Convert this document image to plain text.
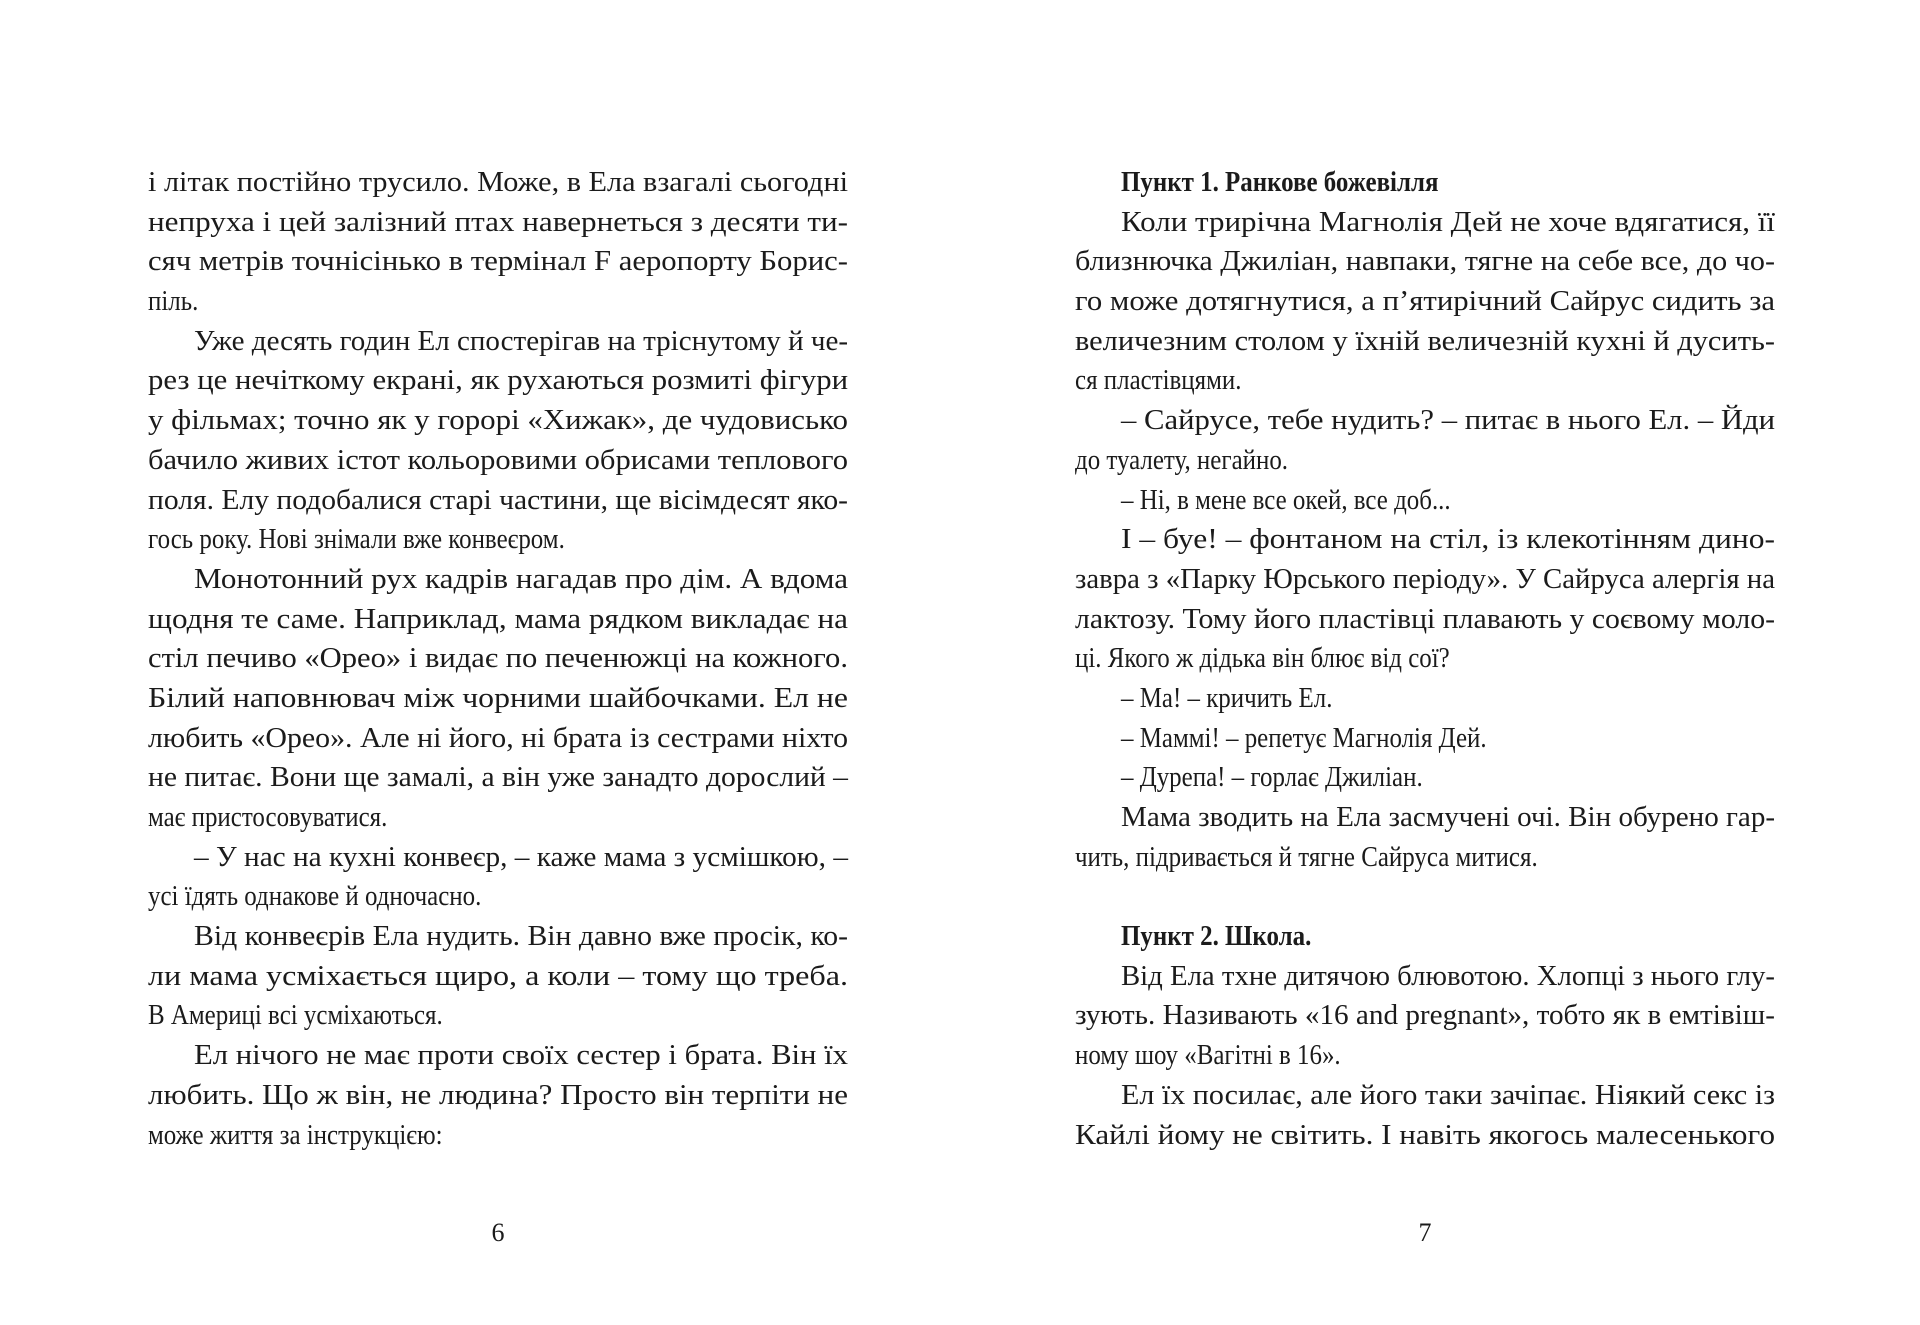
і літак постійно трусило. Може, в Ела взагалі сьогодні
непруха і цей залізний птах навернеться з десяти ти-
сяч метрів точнісінько в термінал F аеропорту Борис-
піль.
Уже десять годин Ел спостерігав на тріснутому й че-
рез це нечіткому екрані, як рухаються розмиті фігури
у фільмах; точно як у горорі «Хижак», де чудовисько
бачило живих істот кольоровими обрисами теплового
поля. Елу подобалися старі частини, ще вісімдесят яко-
гось року. Нові знімали вже конвеєром.
Монотонний рух кадрів нагадав про дім. А вдома
щодня те саме. Наприклад, мама рядком викладає на
стіл печиво «Орео» і видає по печенюжці на кожного.
Білий наповнювач між чорними шайбочками. Ел не
любить «Орео». Але ні його, ні брата із сестрами ніхто
не питає. Вони ще замалі, а він уже занадто дорослий –
має пристосовуватися.
– У нас на кухні конвеєр, – каже мама з усмішкою, –
усі їдять однакове й одночасно.
Від конвеєрів Ела нудить. Він давно вже просік, ко-
ли мама усміхається щиро, а коли – тому що треба.
В Америці всі усміхаються.
Ел нічого не має проти своїх сестер і брата. Він їх
любить. Що ж він, не людина? Просто він терпіти не
може життя за інструкцією:
6
Пункт 1. Ранкове божевілля
Коли трирічна Магнолія Дей не хоче вдягатися, її
близнючка Джиліан, навпаки, тягне на себе все, до чо-
го може дотягнутися, а п’ятирічний Сайрус сидить за
величезним столом у їхній величезній кухні й дусить-
ся пластівцями.
– Сайрусе, тебе нудить? – питає в нього Ел. – Йди
до туалету, негайно.
– Ні, в мене все окей, все доб...
І – буе! – фонтаном на стіл, із клекотінням дино-
завра з «Парку Юрського періоду». У Сайруса алергія на
лактозу. Тому його пластівці плавають у соєвому моло-
ці. Якого ж дідька він блює від сої?
– Ма! – кричить Ел.
– Маммі! – репетує Магнолія Дей.
– Дурепа! – горлає Джиліан.
Мама зводить на Ела засмучені очі. Він обурено гар-
чить, підривається й тягне Сайруса митися.
Пункт 2. Школа.
Від Ела тхне дитячою блювотою. Хлопці з нього глу-
зують. Називають «16 and pregnant», тобто як в емтівіш-
ному шоу «Вагітні в 16».
Ел їх посилає, але його таки зачіпає. Ніякий секс із
Кайлі йому не світить. І навіть якогось малесенького
7
